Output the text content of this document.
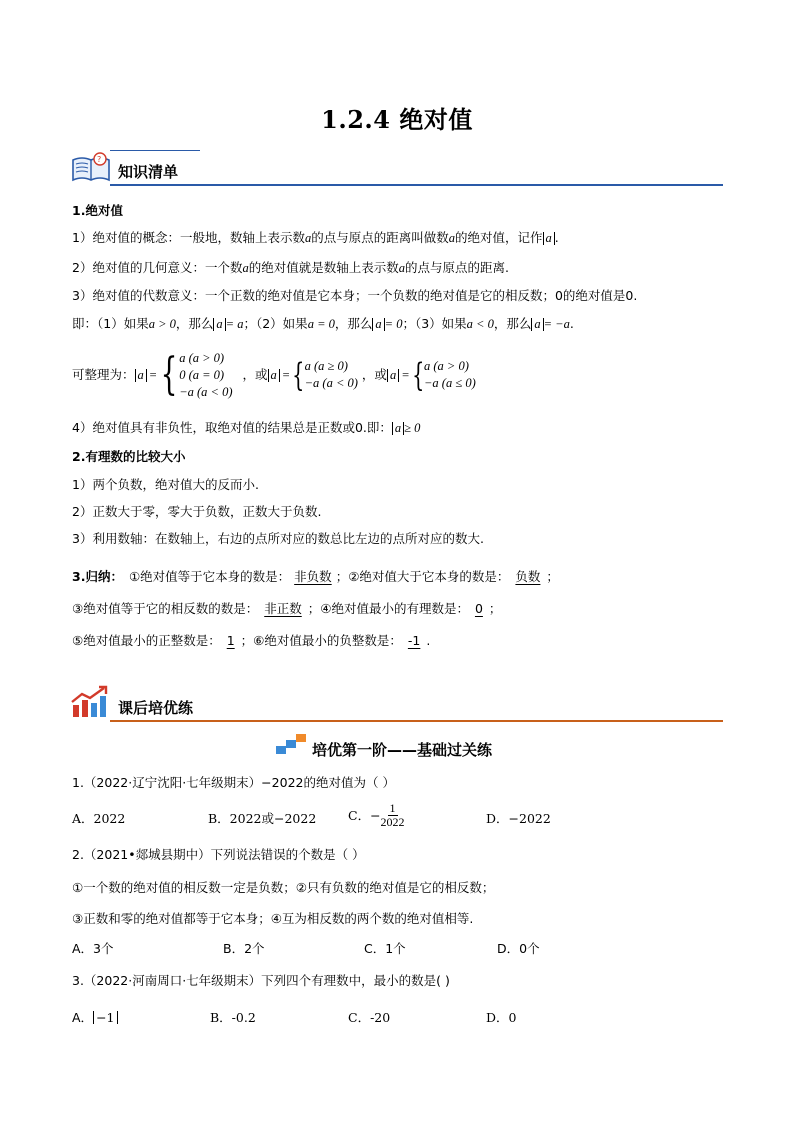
1.2.4 绝对值
?
知识清单
1.绝对值
1）绝对值的概念：一般地，数轴上表示数a的点与原点的距离叫做数a的绝对值，记作 a .
2）绝对值的几何意义：一个数a的绝对值就是数轴上表示数a的点与原点的距离.
3）绝对值的代数意义：一个正数的绝对值是它本身；一个负数的绝对值是它的相反数；0的绝对值是0.
即：（1）如果a > 0，那么 a = a；（2）如果a = 0，那么 a = 0；（3）如果a < 0，那么 a = −a.
可整理为： a = { a (a > 0)
0 (a = 0)
−a (a < 0)
，或 a = { a (a ≥ 0)
−a (a < 0)
，或 a = { a (a > 0)
−a (a ≤ 0)
4）绝对值具有非负性，取绝对值的结果总是正数或0.即： a ≥ 0
2.有理数的比较大小
1）两个负数，绝对值大的反而小.
2）正数大于零，零大于负数，正数大于负数.
3）利用数轴：在数轴上，右边的点所对应的数总比左边的点所对应的数大.
3.归纳： ①绝对值等于它本身的数是： 非负数 ；②绝对值大于它本身的数是： 负数 ；
③绝对值等于它的相反数的数是： 非正数 ；④绝对值最小的有理数是： 0 ；
⑤绝对值最小的正整数是： 1 ；⑥绝对值最小的负整数是： -1 .
课后培优练
培优第一阶——基础过关练
1.（2022·辽宁沈阳·七年级期末）−2022的绝对值为（ ）
A．2022	B．2022或−2022	C．− $\frac{1}{2022}$	D．−2022
2.（2021•郯城县期中）下列说法错误的个数是（ ）
①一个数的绝对值的相反数一定是负数；②只有负数的绝对值是它的相反数；
③正数和零的绝对值都等于它本身；④互为相反数的两个数的绝对值相等.
A．3个	B．2个	C．1个	D．0个
3.（2022·河南周口·七年级期末）下列四个有理数中，最小的数是( )
A． −1	B．-0.2	C．-20	D．0
